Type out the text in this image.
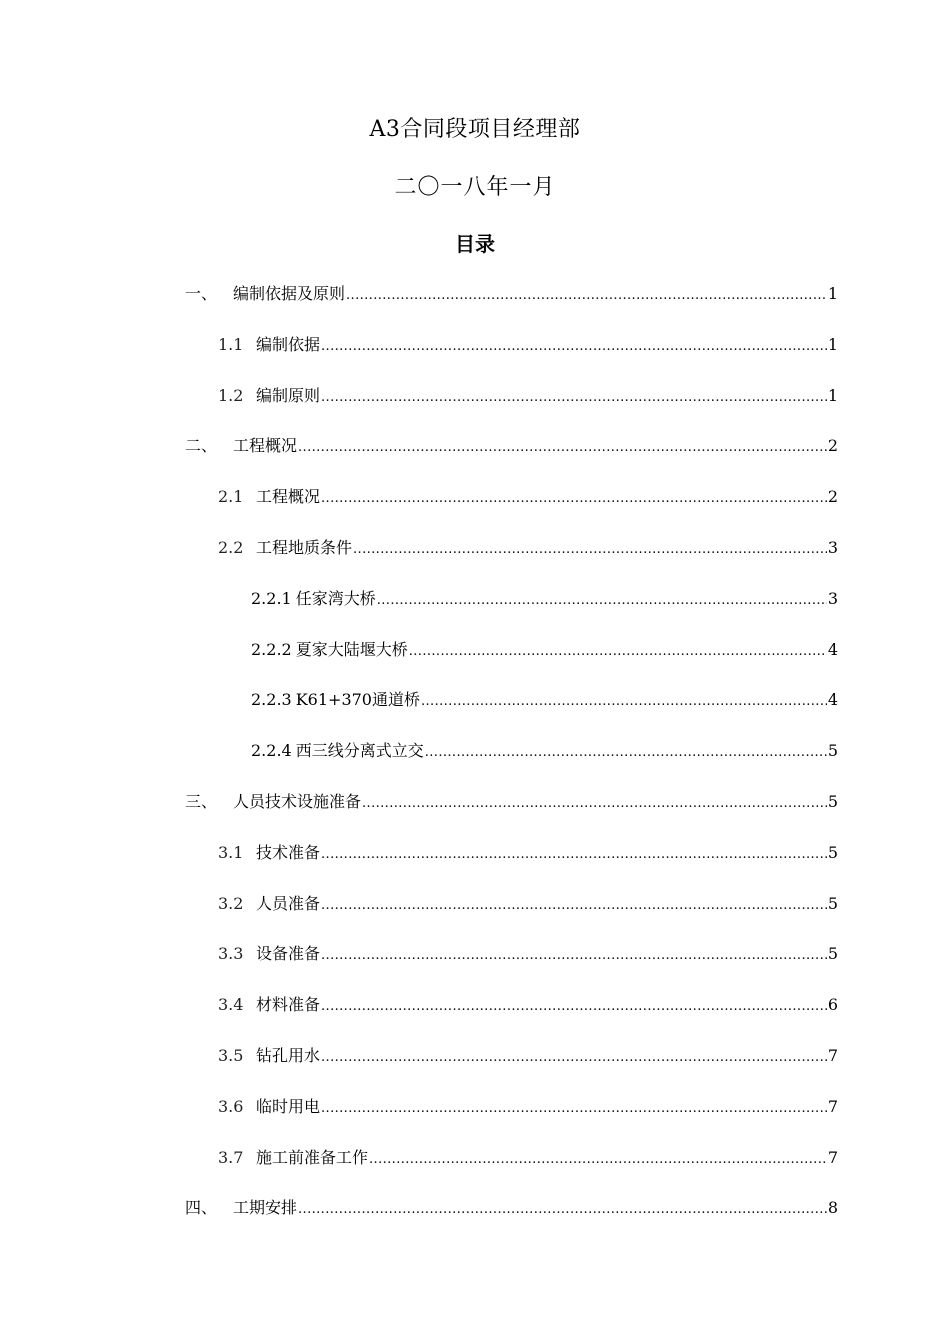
A3合同段项目经理部
二〇一八年一月
目录
一、 编制依据及原则 .....	1
1.1 编制依据 .....	1
1.2 编制原则 .....	1
二、 工程概况 .....	2
2.1 工程概况 .....	2
2.2 工程地质条件 .....	3
2.2.1 任家湾大桥 .....	3
2.2.2 夏家大陆堰大桥 .....	4
2.2.3 K61+370通道桥 .....	4
2.2.4 西三线分离式立交 .....	5
三、 人员技术设施准备 .....	5
3.1 技术准备 .....	5
3.2 人员准备 .....	5
3.3 设备准备 .....	5
3.4 材料准备 .....	6
3.5 钻孔用水 .....	7
3.6 临时用电 .....	7
3.7 施工前准备工作 .....	7
四、 工期安排 .....	8
